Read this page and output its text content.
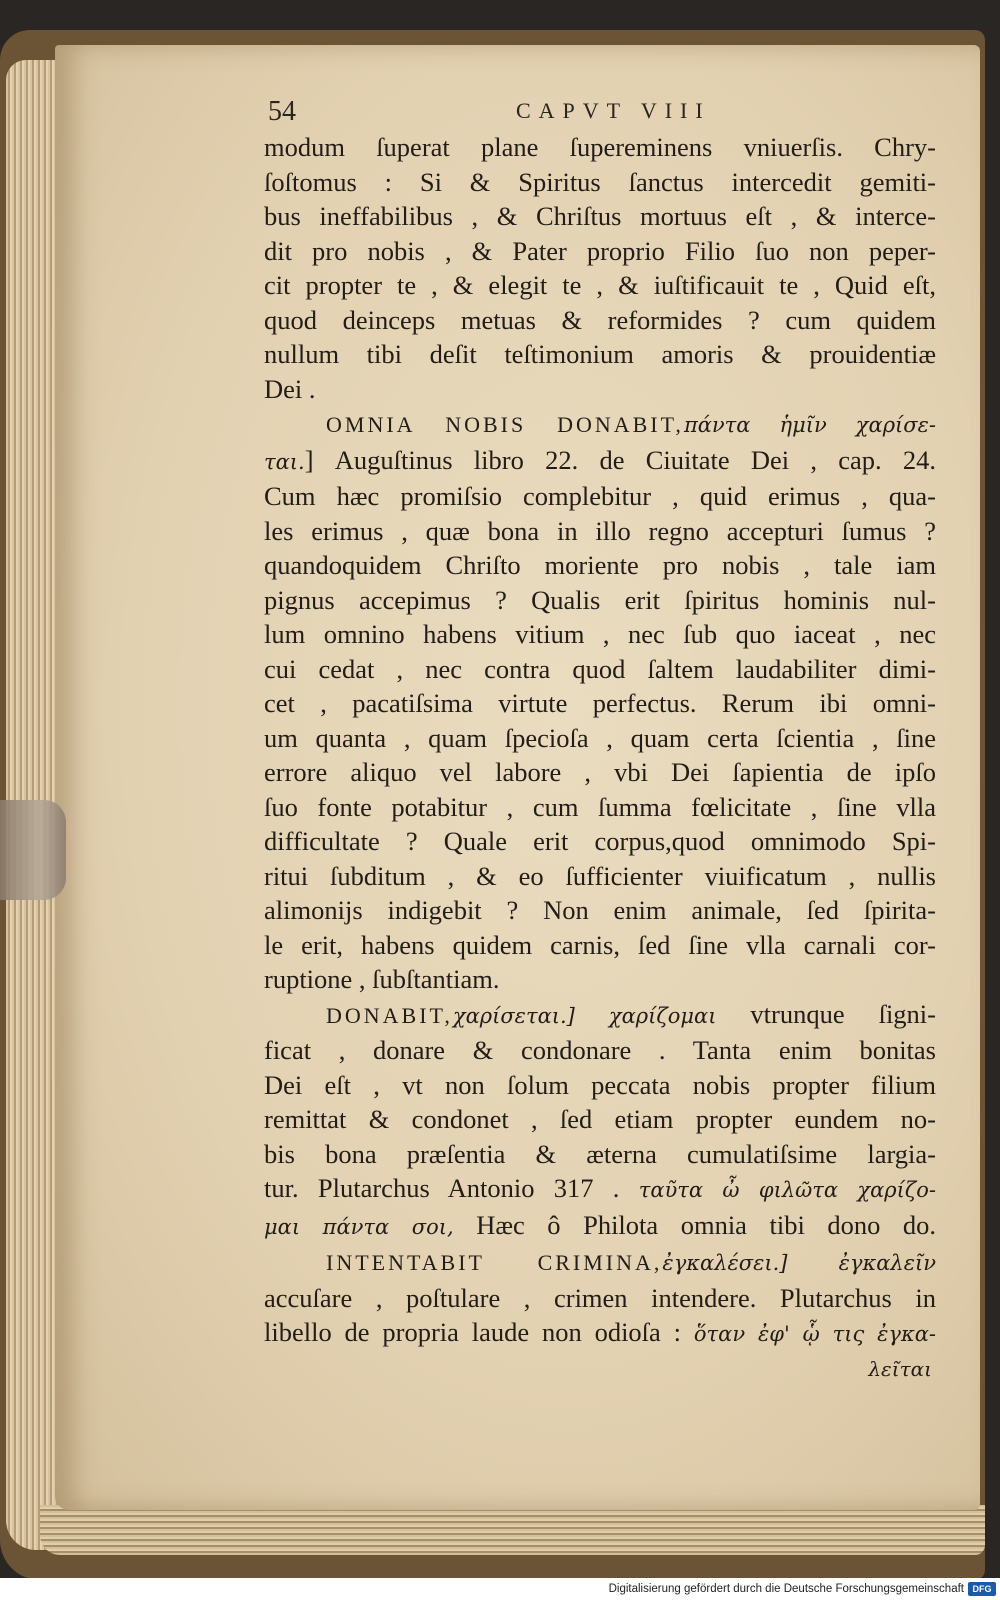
54	CAPVT VIII
modum ſuperat plane ſupereminens vniuerſis. Chry-
ſoſtomus : Si & Spiritus ſanctus intercedit gemiti-
bus ineffabilibus , & Chriſtus mortuus eſt , & interce-
dit pro nobis , & Pater proprio Filio ſuo non peper-
cit propter te , & elegit te , & iuſtificauit te , Quid eſt,
quod deinceps metuas & reformides ? cum quidem
nullum tibi deſit teſtimonium amoris & prouidentiæ
Dei .
OMNIA NOBIS DONABIT,πάντα ἡμῖν χαρίσε-
ται.] Auguſtinus libro 22. de Ciuitate Dei , cap. 24.
Cum hæc promiſsio complebitur , quid erimus , qua-
les erimus , quæ bona in illo regno accepturi ſumus ?
quandoquidem Chriſto moriente pro nobis , tale iam
pignus accepimus ? Qualis erit ſpiritus hominis nul-
lum omnino habens vitium , nec ſub quo iaceat , nec
cui cedat , nec contra quod ſaltem laudabiliter dimi-
cet , pacatiſsima virtute perfectus. Rerum ibi omni-
um quanta , quam ſpecioſa , quam certa ſcientia , ſine
errore aliquo vel labore , vbi Dei ſapientia de ipſo
ſuo fonte potabitur , cum ſumma fœlicitate , ſine vlla
difficultate ? Quale erit corpus,quod omnimodo Spi-
ritui ſubditum , & eo ſufficienter viuificatum , nullis
alimonijs indigebit ? Non enim animale, ſed ſpirita-
le erit, habens quidem carnis, ſed ſine vlla carnali cor-
ruptione , ſubſtantiam.
DONABIT,χαρίσεται.] χαρίζομαι vtrunque ſigni-
ficat , donare & condonare . Tanta enim bonitas
Dei eſt , vt non ſolum peccata nobis propter filium
remittat & condonet , ſed etiam propter eundem no-
bis bona præſentia & æterna cumulatiſsime largia-
tur. Plutarchus Antonio 317 . ταῦτα ὦ φιλῶτα χαρίζο-
μαι πάντα σοι, Hæc ô Philota omnia tibi dono do.
INTENTABIT CRIMINA,ἐγκαλέσει.] ἐγκαλεῖν
accuſare , poſtulare , crimen intendere. Plutarchus in
libello de propria laude non odioſa : ὅταν ἐφ' ᾧ τις ἐγκα-
λεῖται
Digitalisierung gefördert durch die Deutsche Forschungsgemeinschaft DFG
